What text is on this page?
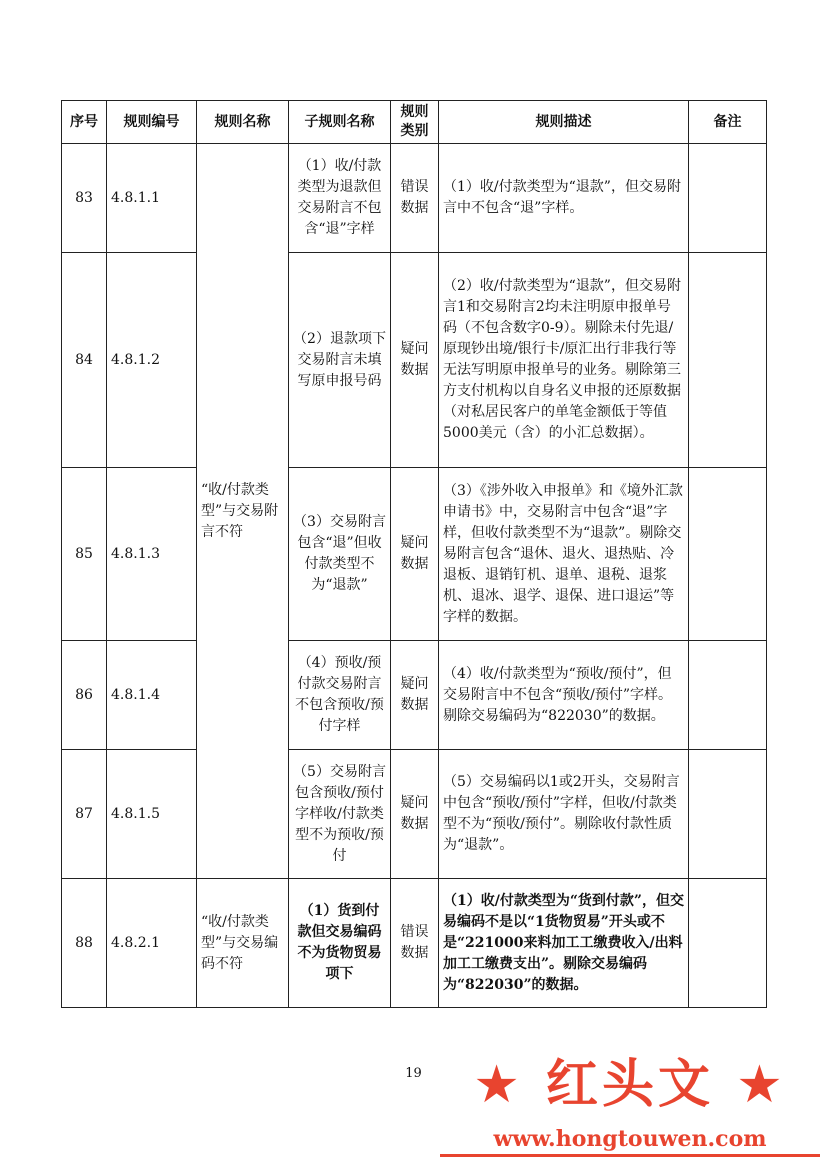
序号	规则编号	规则名称	子规则名称	规则类别	规则描述	备注
83	4.8.1.1	“收/付款类型”与交易附言不符	（1）收/付款类型为退款但交易附言不包含“退”字样	错误数据	（1）收/付款类型为“退款”，但交易附言中不包含“退”字样。	
84	4.8.1.2		（2）退款项下交易附言未填写原申报号码	疑问数据	（2）收/付款类型为“退款”，但交易附言1和交易附言2均未注明原申报单号码（不包含数字0-9）。剔除未付先退/原现钞出境/银行卡/原汇出行非我行等无法写明原申报单号的业务。剔除第三方支付机构以自身名义申报的还原数据（对私居民客户的单笔金额低于等值5000美元（含）的小汇总数据）。	
85	4.8.1.3		（3）交易附言包含“退”但收付款类型不为“退款”	疑问数据	（3）《涉外收入申报单》和《境外汇款申请书》中，交易附言中包含“退”字样，但收付款类型不为“退款”。剔除交易附言包含“退休、退火、退热贴、冷退板、退销钉机、退单、退税、退浆机、退冰、退学、退保、进口退运”等字样的数据。	
86	4.8.1.4		（4）预收/预付款交易附言不包含预收/预付字样	疑问数据	（4）收/付款类型为“预收/预付”，但交易附言中不包含“预收/预付”字样。剔除交易编码为“822030”的数据。	
87	4.8.1.5		（5）交易附言包含预收/预付字样收/付款类型不为预收/预付	疑问数据	（5）交易编码以1或2开头，交易附言中包含“预收/预付”字样，但收/付款类型不为“预收/预付”。剔除收付款性质为“退款”。	
88	4.8.2.1	“收/付款类型”与交易编码不符	（1）货到付款但交易编码不为货物贸易项下	错误数据	（1）收/付款类型为“货到付款”，但交易编码不是以“1货物贸易”开头或不是“221000来料加工工缴费收入/出料加工工缴费支出”。剔除交易编码为“822030”的数据。	
19 ★ 红头文 ★
www.hongtouwen.com
